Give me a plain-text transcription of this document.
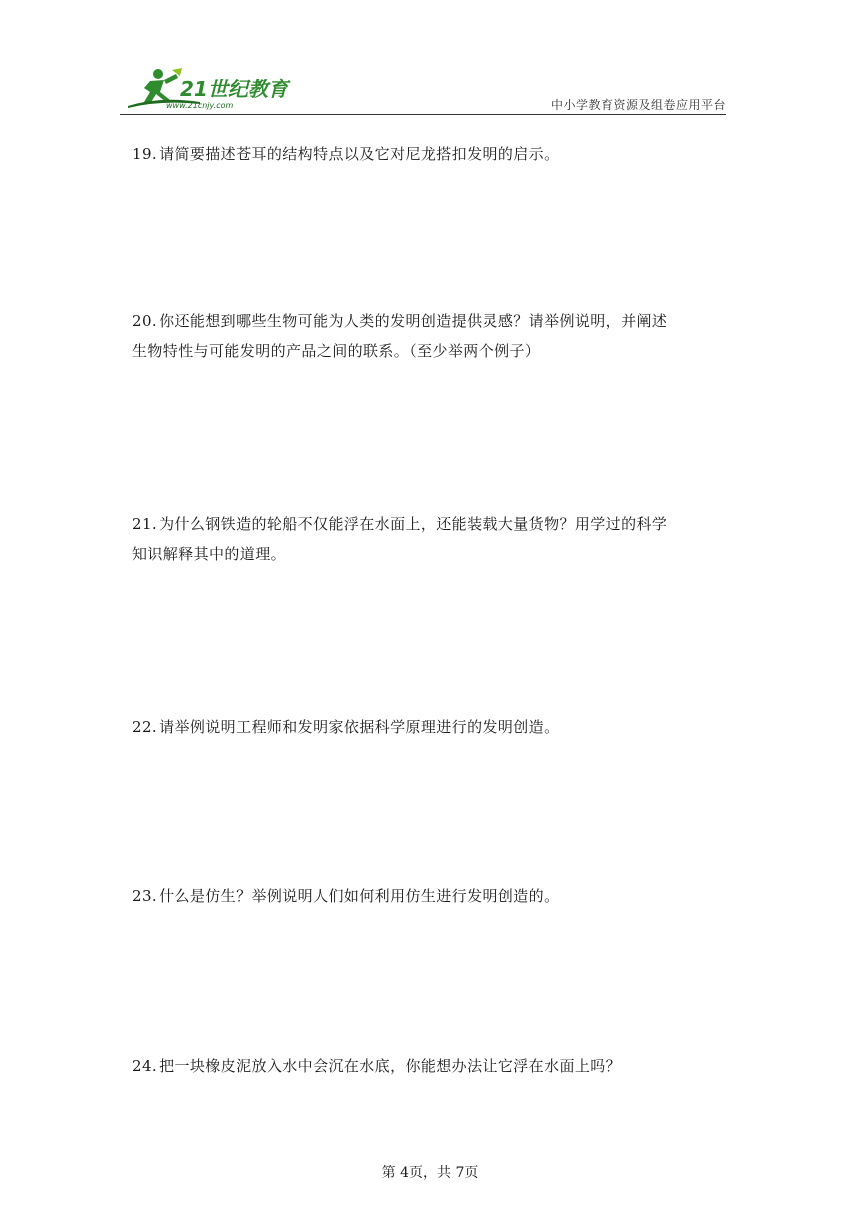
21世纪教育
www.21cnjy.com	中小学教育资源及组卷应用平台
19. 请简要描述苍耳的结构特点以及它对尼龙搭扣发明的启示。
20. 你还能想到哪些生物可能为人类的发明创造提供灵感？请举例说明，并阐述
生物特性与可能发明的产品之间的联系。（至少举两个例子）
21. 为什么钢铁造的轮船不仅能浮在水面上，还能装载大量货物？用学过的科学
知识解释其中的道理。
22. 请举例说明工程师和发明家依据科学原理进行的发明创造。
23. 什么是仿生？举例说明人们如何利用仿生进行发明创造的。
24. 把一块橡皮泥放入水中会沉在水底，你能想办法让它浮在水面上吗？
第 4页，共 7页
